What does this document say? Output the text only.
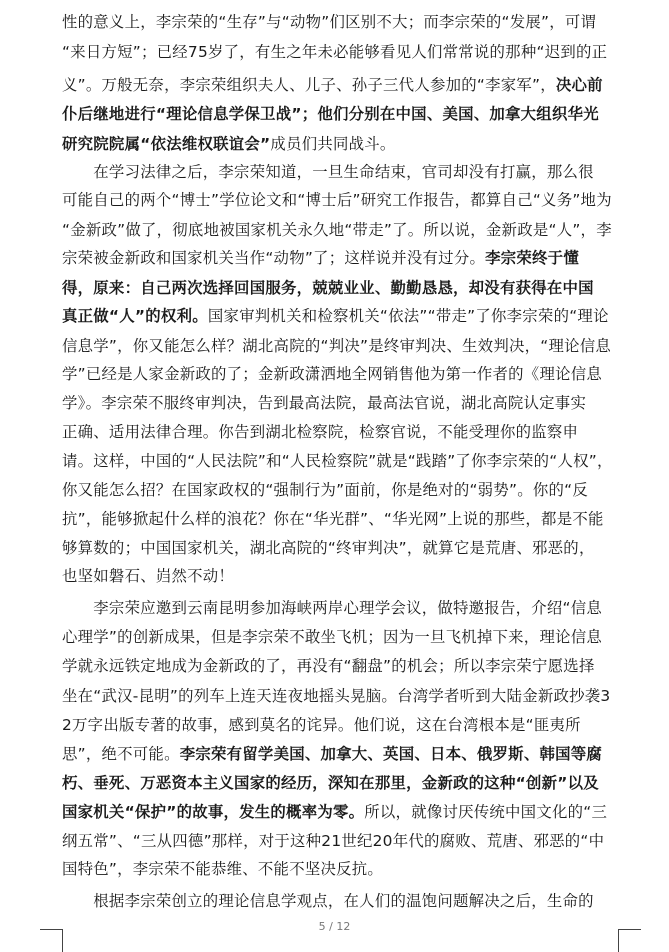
性的意义上，李宗荣的“生存”与“动物”们区别不大；而李宗荣的“发展”，可谓
“来日方短”；已经75岁了，有生之年未必能够看见人们常常说的那种“迟到的正
义”。万般无奈，李宗荣组织夫人、儿子、孙子三代人参加的“李家军”，决心前
仆后继地进行“理论信息学保卫战”；他们分别在中国、美国、加拿大组织华光
研究院院属“依法维权联谊会”成员们共同战斗。
　　在学习法律之后，李宗荣知道，一旦生命结束，官司却没有打赢，那么很
可能自己的两个“博士”学位论文和“博士后”研究工作报告，都算自己“义务”地为
“金新政”做了，彻底地被国家机关永久地“带走”了。所以说，金新政是“人”，李
宗荣被金新政和国家机关当作“动物”了；这样说并没有过分。李宗荣终于懂
得，原来：自己两次选择回国服务，兢兢业业、勤勤恳恳，却没有获得在中国
真正做“人”的权利。国家审判机关和检察机关“依法”“带走”了你李宗荣的“理论
信息学”，你又能怎么样？湖北高院的“判决”是终审判决、生效判决，“理论信息
学”已经是人家金新政的了；金新政潇洒地全网销售他为第一作者的《理论信息
学》。李宗荣不服终审判决，告到最高法院，最高法官说，湖北高院认定事实
正确、适用法律合理。你告到湖北检察院，检察官说，不能受理你的监察申
请。这样，中国的“人民法院”和“人民检察院”就是“践踏”了你李宗荣的“人权”，
你又能怎么招？在国家政权的“强制行为”面前，你是绝对的“弱势”。你的“反
抗”，能够掀起什么样的浪花？你在“华光群”、“华光网”上说的那些，都是不能
够算数的；中国国家机关，湖北高院的“终审判决”，就算它是荒唐、邪恶的，
也坚如磐石、岿然不动！
　　李宗荣应邀到云南昆明参加海峡两岸心理学会议，做特邀报告，介绍“信息
心理学”的创新成果，但是李宗荣不敢坐飞机；因为一旦飞机掉下来，理论信息
学就永远铁定地成为金新政的了，再没有“翻盘”的机会；所以李宗荣宁愿选择
坐在“武汉-昆明”的列车上连天连夜地摇头晃脑。台湾学者听到大陆金新政抄袭3
2万字出版专著的故事，感到莫名的诧异。他们说，这在台湾根本是“匪夷所
思”，绝不可能。李宗荣有留学美国、加拿大、英国、日本、俄罗斯、韩国等腐
朽、垂死、万恶资本主义国家的经历，深知在那里，金新政的这种“创新”以及
国家机关“保护”的故事，发生的概率为零。所以，就像讨厌传统中国文化的“三
纲五常”、“三从四德”那样，对于这种21世纪20年代的腐败、荒唐、邪恶的“中
国特色”，李宗荣不能恭维、不能不坚决反抗。
　　根据李宗荣创立的理论信息学观点，在人们的温饱问题解决之后，生命的
5 / 12
